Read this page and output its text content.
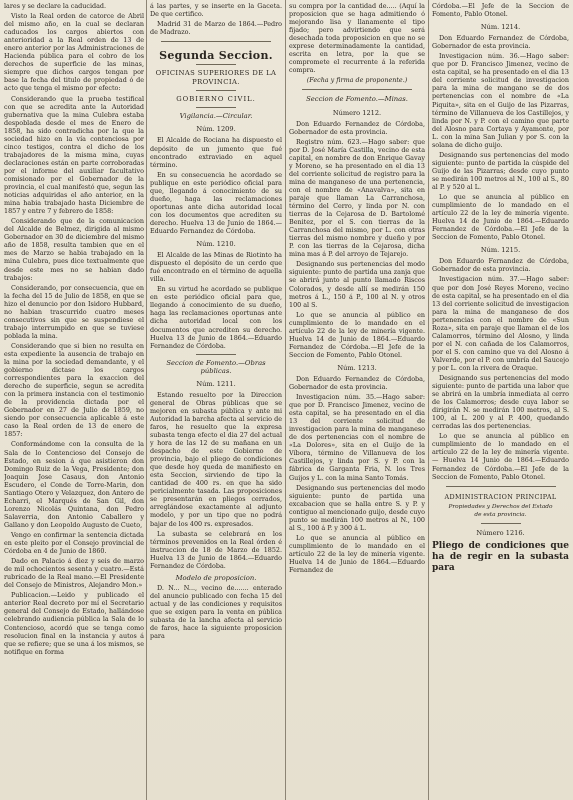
lares y se declare la caducidad.

Visto la Real orden de catorce de Abril del mismo año, en la cual se declaran caducados los cargos abiertos con anterioridad a la Real orden de 13 de enero anterior por las Administraciones de Hacienda pública para el cobro de los derechos de superficie de las minas, siempre que dichos cargos tengan por base la fecha del titulo de propiedad ó de acto que tenga el mismo por efecto:

Considerando que la prueba testifical con que se acredita ante la Autoridad gubernativa que la mina Culebra estaba despoblada desde el mes de Enero de 1858, ha sido contradicha por la que la sociedad hizo en la vía contenciosa por cinco testigos, contra el dicho de los trabajadores de la misma mina, cuyas declaraciones están en parte corroboradas por el informe del auxiliar facultativo comisionado por el Gobernador de la provincia, el cual manifestó que, segun las noticias adquiridas el año anterior, en la mina habia trabajado hasta Diciembre de 1857 y entre 7 y febrero de 1858:

Considerando que de la comunicacion del Alcalde de Belmez, dirigida al mismo Gobernador en 30 de diciembre del mismo año de 1858, resulta tambien que en el mes de Marzo se habia trabajado en la mina Culebra, pues dice textualmente que desde este mes no se habian dado trabajos:

Considerando, por consecuencia, que en la fecha del 15 de Julio de 1858, en que se hizo el denuncio por don Isidoro Hubbard, no habian trascurrido cuatro meses consecutivos sin que se suspendiese el trabajo interrumpido en que se tuviese poblada la mina.

Considerando que si bien no resulta en esta expediente la ausencia de trabajo en la mina por la sociedad demandante, y el gobierno dictase los cargos correspondientes para la exaccion del derecho de superficie, segun se acredita con la primera instancia con el testimonio de la providencia dictada por el Gobernador en 27 de Julio de 1859, no siendo por consecuencia aplicable á este caso la Real orden de 13 de enero de 1857:

Conformándome con la consulta de la Sala de lo Contencioso del Consejo de Estado, en sesion á que asistieron don Domingo Ruiz de la Vega, Presidente; don Joaquin Jose Casaus, don Antonio Escudero, el Conde de Torre-Marin, don Santiago Otero y Velazquez, don Antero de Echarri, el Marqués de San Gil, don Lorenzo Nicolás Quintana, don Pedro Salaverria, don Antonio Caballero y Gallano y don Leopoldo Augusto de Cueto,

Vengo en confirmar la sentencia dictada en este pleito por el Consejo provincial de Córdoba en 4 de Junio de 1860.

Dado en Palacio á diez y seis de marzo de mil ochocientos sesenta y cuatro.—Está rubricado de la Real mano.—El Presidente del Consejo de Ministros, Alejandro Mon.»

Publicacion.—Leido y publicado el anterior Real decreto por mí el Secretario general del Consejo de Estado, hallándose celebrando audiencia pública la Sala de lo Contencioso, acordó que se tenga como resolucion final en la instancia y autos á que se refiere; que se una á los mismos, se notifique en forma

á las partes, y se inserte en la Gaceta. De que certifico.

Madrid 31 de Marzo de 1864.—Pedro de Madrazo.

Segunda Seccion.
OFICINAS SUPERIORES DE LA
PROVINCIA.
GOBIERNO CIVIL.
Vigilancia.—Circular.
Núm. 1209.

El Alcalde de Rociana ha dispuesto el depósito de un jumento que fué encontrado extraviado en aquel término.

En su consecuencia he acordado se publique en este periódico oficial para que, llegando á conocimiento de su dueño, haga las reclamaciones oportunas ante dicha autoridad local con los documentos que acrediten su derecho. Huelva 13 de Junio de 1864.—Eduardo Fernandez de Córdoba.

Núm. 1210.

El Alcalde de las Minas de Riotinto ha dispuesto el depósito de un cerdo que fué encontrado en el término de aquella villa.

En su virtud he acordado se publique en este periódico oficial para que, llegando á conocimiento de su dueño, haga las reclamaciones oportunas ante dicha autoridad local con los documentos que acrediten su derecho. Huelva 13 de Junio de 1864.—Eduardo Fernandez de Córdoba.

Seccion de Fomento.—Obras públicas.
Núm. 1211.

Estando resuelto por la Direccion general de Obras públicas que se mejoren en subasta pública y ante mi Autoridad la barcha afecta al servicio de faros, he resuelto que la expresa subasta tenga efecto el dia 27 del actual y hora de las 12 de su mañana en un despacho de este Gobierno de provincia, bajo el pliego de condiciones que desde hoy queda de manifiesto en esta Seccion, sirviendo de tipo la cantidad de 400 rs. en que ha sido pericialmente tasada. Las proposiciones se presentarán en pliegos cerrados, arreglándose exactamente al adjunto modelo, y por un tipo que no podrá bajar de los 400 rs. expresados.

La subasta se celebrará en los términos prevenidos en la Real órden é instruccion de 18 de Marzo de 1852. Huelva 13 de Junio de 1864.—Eduardo Fernandez de Córdoba.

Modelo de proposicion.

D. N... N..., vecino de....... enterado del anuncio publicado con fecha 15 del actual y de las condiciones y requisitos que se exigen para la venta en pública subasta de la lancha afecta al servicio de faros, hace la siguiente proposicion para

su compra por la cantidad de..... (Aquí la proposicion que se haga admitiendo ó mejorando lisa y llanamente el tipo fijado; pero advirtiendo que será desechada toda proposicion en que no se exprese determinadamente la cantidad, escrita en letra, por la que se compromete el recurrente á la referida compra.

(Fecha y firma de proponente.)

Seccion de Fomento.—Minas.
Número 1212.

Don Eduardo Fernandez de Córdoba, Gobernador de esta provincia.

Registro núm. 623.—Hago saber: que por D. José María Castilla, vecino de esta capital, en nombre de don Enrique Gavay y Moreno, se ha presentado en el dia 13 del corriente solicitud de registro para la mina de manganeso de una pertenencia, con el nombre de «Anavalva», sita en paraje que llaman La Carranchosa, término del Cerro, y linda por N. con tierras de la Cejarosa de D. Bartolomé Benitez, por el S. con tierras de la Carranchosa del mismo, por L. con otras tierras del mismo nombre y dueño y por P. con las tierras de la Cejarosa, dicha mina mas á P. del arroyo de Tejarejo.

Designando sus pertenencias del modo siguiente: punto de partida una zanja que se abrirá junto al punto llamado Riscos Colorados, y desde allí se medirán 150 metros á L., 150 á P., 100 al N. y otros 100 al S.

Lo que se anuncia al público en cumplimiento de lo mandado en el artículo 22 de la ley de minería vigente. Huelva 14 de Junio de 1864.—Eduardo Fernandez de Córdoba.—El Jefe de la Seccion de Fomento, Pablo Otonel.

Núm. 1213.

Don Eduardo Fernandez de Córdoba, Gobernador de esta provincia.

Investigacion núm. 35.—Hago saber: que por D. Francisco Jimenez, vecino de esta capital, se ha presentado en el dia 13 del corriente solicitud de investigacion para la mina de manganeso de dos pertenencias con el nombre de «La Dolores», sita en el Guijo de la Víbora, término de Villanueva de los Castillejos, y linda por S. y P. con la fábrica de Garganta Fria, N. los Tres Guijos y L. con la mina Santo Tomás.

Designando sus pertenencias del modo siguiente: punto de partida una excabacion que se halla entre S. y P. y contiguo al mencionado guijo, desde cuyo punto se medirán 100 metros al N., 100 al S., 100 á P. y 300 á L.

Lo que se anuncia al público en cumplimiento de lo mandado en el artículo 22 de la ley de minería vigente. Huelva 14 de Junio de 1864.—Eduardo Fernandez de

Córdoba.—El Jefe de la Seccion de Fomento, Pablo Otonel.

Núm. 1214.

Don Eduardo Fernandez de Córdoba, Gobernador de esta provincia.

Investigacion núm. 36.—Hago saber: que por D. Francisco Jimenez, vecino de esta capital, se ha presentado en el dia 13 del corriente solicitud de investigacion para la mina de mangano se de dos pertenencias con el nombre de «La Piquita», sita en el Guijo de las Pizarras, término de Villanueva de los Castillejos, y linda por N. y P. con el camino que parte del Alosno para Cortaya y Ayamonte, por L. con la mina San Julian y por S. con la solana de dicho guijo.

Designando sus pertenencias del modo siguiente: punto de partida la cúspide del Guijo de las Pizarras; desde cuyo punto se medirán 100 metros al N., 100 al S., 80 al P. y 520 al L.

Lo que se anuncia al público en cumplimiento de lo mandado en el artículo 22 de la ley de minería vigente. Huelva 14 de Junio de 1864.—Eduardo Fernandez de Córdoba.—El Jefe de la Seccion de Fomento, Pablo Otonel.

Núm. 1215.

Don Eduardo Fernandez de Córdoba, Gobernador de esta provincia.

Investigacion núm. 37.—Hago saber: que por don José Reyes Moreno, vecino de esta capital, se ha presentado en el dia 13 del corriente solicitud de investigacion para la mina de manganeso de dos pertenencias con el nombre de «Sun Roza», sita en paraje que llaman el de los Calamorros, término del Alosno, y linda por el N. con cañada de los Calamorros, por el S. con camino que va del Alosno á Valverde, por el P. con umbría del Saucejo y por L. con la rivera de Oraque.

Designando sus pertenencias del modo siguiente: punto de partida una labor que se abrirá en la umbría inmediata al cerro de los Calamorros; desde cuya labor se dirigirán N. se medirán 100 metros, al S. 100, al L. 200 y al P. 400, quedando cerradas las dos pertenencias.

Lo que se anuncia al público en cumplimiento de lo mandado en el artículo 22 de la ley de minería vigente. — Huelva 14 Junio de 1864.—Eduardo Fernandez de Córdoba.—El Jefe de la Seccion de Fomento, Pablo Otonel.

ADMINISTRACION PRINCIPAL
Propiedades y Derechos del Estado
de esta provincia.
Número 1216.

Pliego de condiciones que ha de regir en la subasta para
